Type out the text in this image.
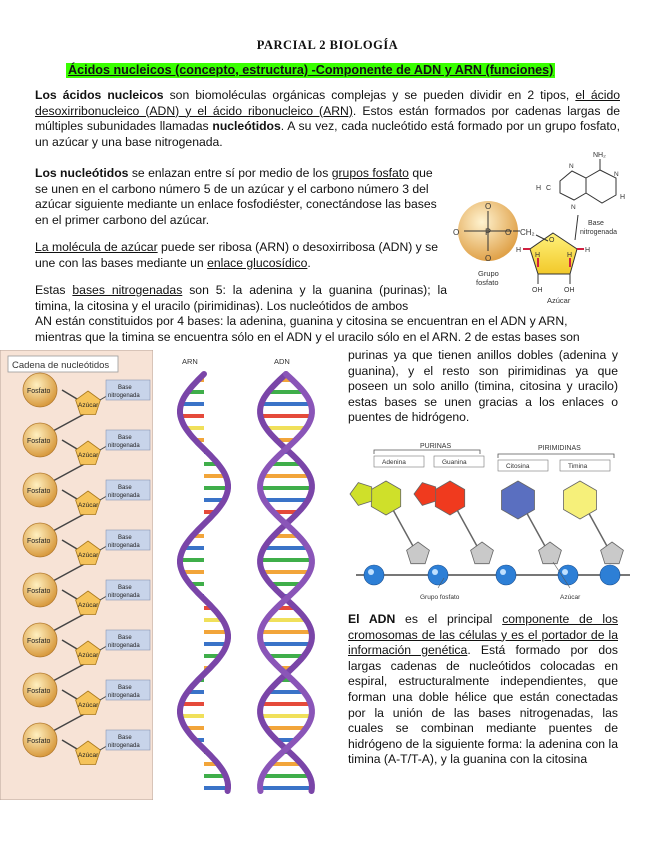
PARCIAL 2 BIOLOGÍA
Ácidos nucleicos (concepto, estructura) -Componente de ADN y ARN (funciones)
Los ácidos nucleicos son biomoléculas orgánicas complejas y se pueden dividir en 2 tipos, el ácido desoxirribonucleico (ADN) y el ácido ribonucleico (ARN). Estos están formados por cadenas largas de múltiples subunidades llamadas nucleótidos. A su vez, cada nucleótido está formado por un grupo fosfato, un azúcar y una base nitrogenada.
Los nucleótidos se enlazan entre sí por medio de los grupos fosfato que se unen en el carbono número 5 de un azúcar y el carbono número 3 del azúcar siguiente mediante un enlace fosfodiéster, conectándose las bases en el primer carbono del azúcar.
La molécula de azúcar puede ser ribosa (ARN) o desoxirribosa (ADN) y se une con las bases mediante un enlace glucosídico.
Estas bases nitrogenadas son 5: la adenina y la guanina (purinas); la timina, la citosina y el uracilo (pirimidinas). Los nucleótidos de ambos
AN están constituidos por 4 bases: la adenina, guanina y citosina se encuentran en el ADN y ARN,
mientras que la timina se encuentra sólo en el ADN y el uracilo sólo en el ARN. 2 de estas bases son
purinas ya que tienen anillos dobles (adenina y guanina), y el resto son pirimidinas ya que poseen un solo anillo (timina, citosina y uracilo) estas bases se unen gracias a los enlaces o puentes de hidrógeno.
El ADN es el principal componente de los cromosomas de las células y es el portador de la información genética. Está formado por dos largas cadenas de nucleótidos colocadas en espiral, estructuralmente independientes, que forman una doble hélice que están conectadas por la unión de las bases nitrogenadas, las cuales se combinan mediante puentes de hidrógeno de la siguiente forma: la adenina con la timina (A-T/T-A), y la guanina con la citosina
P
O
O
O
O CH₂
Grupo
fosfato
O
H	H
H	H
OH	OH
Azúcar
NH₂
H C
H
N
N
N
Base
nitrogenada
Cadena de nucleótidos
Fosfato
Azúcar
Base
nitrogenada
Fosfato
Azúcar
Base
nitrogenada
Fosfato
Azúcar
Base
nitrogenada
Fosfato
Azúcar
Base
nitrogenada
Fosfato
Azúcar
Base
nitrogenada
Fosfato
Azúcar
Base
nitrogenada
Fosfato
Azúcar
Base
nitrogenada
Fosfato
Azúcar
Base
nitrogenada
ARN	ADN
PURINAS	PIRIMIDINAS
Adenina	Guanina
Citosina	Timina
Grupo fosfato	Azúcar
